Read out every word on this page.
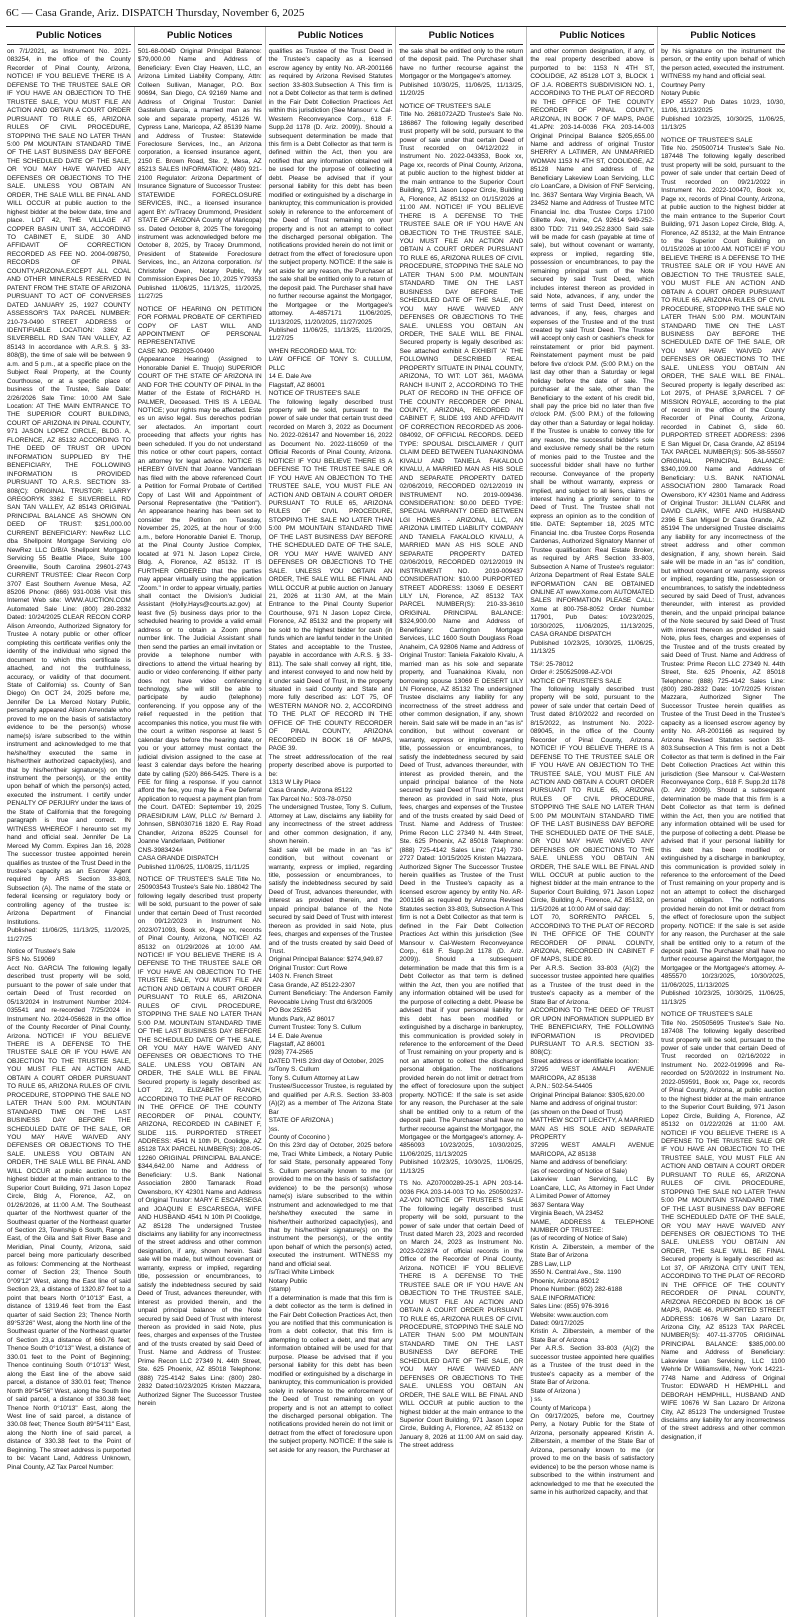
6C — Casa Grande, Ariz. DISPATCH Thursday, November 6, 2025
Public Notices

on 7/1/2021, as Instrument No. 2021-083254, in the office of the County Recorder of Pinal County, Arizona, NOTICE! IF YOU BELIEVE THERE IS A DEFENSE TO THE TRUSTEE SALE OR IF YOU HAVE AN OBJECTION TO THE TRUSTEE SALE, YOU MUST FILE AN ACTION AND OBTAIN A COURT ORDER PURSUANT TO RULE 65, ARIZONA RULES OF CIVIL PROCEDURE, STOPPING THE SALE NO LATER THAN 5:00 PM MOUNTAIN STANDARD TIME OF THE LAST BUSINESS DAY BEFORE THE SCHEDULED DATE OF THE SALE, OR YOU MAY HAVE WAIVED ANY DEFENSES OR OBJECTIONS TO THE SALE. UNLESS YOU OBTAIN AN ORDER, THE SALE WILL BE FINAL AND WILL OCCUR at public auction to the highest bidder at the below date, time and place. LOT 42, THE VILLAGE AT COPPER BASIN UNIT 3A, ACCORDING TO CABINET E, SLIDE 30 AND AFFIDAVIT OF CORRECTION RECORDED AS FEE NO. 2004-098750, RECORDS OF PINAL COUNTY,ARIZONA.EXCEPT ALL COAL AND OTHER MINERALS RESERVED IN PATENT FROM THE STATE OF ARIZONA PURSUANT TO ACT OF CONVERSES DATED JANUARY 25, 1927 COUNTY ASSESSOR'S TAX PARCEL NUMBER: 210-73-0490 STREET ADDRESS or IDENTIFIABLE LOCATION: 3362 E SILVERBELL RD SAN TAN VALLEY, AZ 85143 In accordance with A.R.S. § 33-808(B), the time of sale will be between 9 a.m. and 5 p.m., at a specific place on the Subject Real Property, at the County Courthouse, or at a specific place of business of the Trustee, Sale Date: 2/26/2026 Sale Time: 10:00 AM Sale Location: AT THE MAIN ENTRANCE TO THE SUPERIOR COURT BUILDING, COURT OF ARIZONA IN PINAL COUNTY, 971 JASON LOPEZ CIRCLE, BLDG. A, FLORENCE, AZ 85132 ACCORDING TO THE DEED OF TRUST OR UPON INFORMATION SUPPLIED BY THE BENEFICIARY, THE FOLLOWING INFORMATION IS PROVIDED PURSUANT TO A.R.S. SECTION 33-808(C): ORIGINAL TRUSTOR: LARRY GREGORYK 3362 E SILVERBELL RD SAN TAN VALLEY, AZ 85143 ORIGINAL PRINCIPAL BALANCE AS SHOWN ON DEED OF TRUST: $251,000.00 CURRENT BENEFICIARY: NewRez LLC dba Shellpoint Mortgage Servicing c/o NewRez LLC D/B/A Shellpoint Mortgage Servicing 55 Beattie Place, Suite 100 Greenville, South Carolina 29601-2743 CURRENT TRUSTEE: Clear Recon Corp 3707 East Southern Avenue Mesa, AZ 85206 Phone: (866) 931-0036 Visit this Internet Web site: WWW.AUCTION.COM Automated Sale Line: (800) 280-2832 Dated: 10/24/2025 CLEAR RECON CORP Alison Arreondo, Authorized Signatory for Trustee A notary public or other officer completing this certificate verifies only the identity of the individual who signed the document to which this certificate is attached, and not the truthfulness, accuracy, or validity of that document. State of California) ss. County of San Diego) On OCT 24, 2025 before me, Jennifer De La Merced Notary Public, personally appeared Alison Arrendale who proved to me on the basis of satisfactory evidence to be the person(s) whose name(s) is/are subscribed to the within instrument and acknowledged to me that he/she/they executed the same in his/her/their authorized capacity(ies), and that by his/her/their signature(s) on the instrument the person(s), or the entity upon behalf of which the person(s) acted, executed the instrument. I certify under PENALTY OF PERJURY under the laws of the State of California that the foregoing paragraph is true and correct. IN WITNESS WHEREOF I hereunto set my hand and official seal. Jennifer De La Merced My Comm. Expires Jan 16, 2028 The successor trustee appointed herein qualifies as trustee of the Trust Deed in the trustee's capacity as an Escrow Agent required by ARS Section 33-803, Subsection (A). The name of the state or federal licensing or regulatory body or controlling agency of the trustee is: Arizona Department of Financial Institutions.
Published: 11/06/25, 11/13/25, 11/20/25, 11/27/25

Notice of Trustee's Sale
SFS No. 519069
Acct No. GARCIA The following legally described trust property will be sold, pursuant to the power of sale under that certain Deed of Trust recorded on 05/13/2024 in Instrument Number 2024-035541 and re-recorded 7/25/2024 in Instrument No. 2024-056628 in the office of the County Recorder of Pinal County, Arizona. NOTICE! IF YOU BELIEVE THERE IS A DEFENSE TO THE TRUSTEE SALE OR IF YOU HAVE AN OBJECTION TO THE TRUSTEE SALE, YOU MUST FILE AN ACTION AND OBTAIN A COURT ORDER PURSUANT TO RULE 65, ARIZONA RULES OF CIVIL PROCEDURE, STOPPING THE SALE NO LATER THAN 5:00 P.M. MOUNTAIN STANDARD TIME ON THE LAST BUSINESS DAY BEFORE THE SCHEDULED DATE OF THE SALE, OR YOU MAY HAVE WAIVED ANY DEFENSES OR OBJECTIONS TO THE SALE. UNLESS YOU OBTAIN AN ORDER, THE SALE WILL BE FINAL AND WILL OCCUR at public auction to the highest bidder at the main entrance to the Superior Court Building, 971 Jason Lopez Circle, Bldg A, Florence, AZ, on 01/26/2026, at 11:00 A.M. The Southeast quarter of the Northwest quarter of the Southeast quarter of the Northeast quarter of Section 23, Township 6 South, Range 2 East, of the Gila and Salt River Base and Meridian, Pinal County, Arizona, said parcel being more particularly described as follows: Commencing at the Northeast corner of Section 23; Thence South 0°09'12" West, along the East line of said Section 23, a distance of 1320.87 feet to a point that bears North 0°10'13" East, a distance of 1319.46 feet from the East quarter of said Section 23; Thence North 89°53'26" West, along the North line of the Southeast quarter of the Northeast quarter of Section 23,a distance of 660.76 feet; Thence South 0°10'13" West, a distance of 330.01 feet to the Point of Beginning; Thence continuing South 0°10'13" West, along the East line of the above said parcel, a distance of 330.01 feet; Thence North 89°54'56" West, along the South line of said parcel, a distance of 330.38 feet; Thence North 0°10'13" East, along the West line of said parcel, a distance of 330.08 feet; Thence South 89°54'11" East, along the North line of said parcel, a distance of 330.38 feet to the Point of Beginning. The street address is purported to be: Vacant Land, Address Unknown, Pinal County, AZ Tax Parcel Number:

Public Notices

501-68-004D Original Principal Balance: $79,000.00 Name and Address of Beneficiary: Even Clay Heaven, LLC, an Arizona Limited Liability Company, Attn: Colleen Sullivan, Manager, P.O. Box 90694, San Diego, CA 92169 Name and Address of Original Trustor: Daniel Gastelum Garcia, a married man as his sole and separate property, 45126 W. Cypress Lane, Maricopa, AZ 85139 Name and Address of Trustee: Statewide Foreclosure Services, Inc., an Arizona corporation, a licensed insurance agent, 2150 E. Brown Road, Ste. 2, Mesa, AZ 85213 SALES INFORMATION: (480) 921-2100 Regulator: Arizona Department of Insurance Signature of Successor Trustee: STATEWIDE FORECLOSURE SERVICES, INC., a licensed insurance agent BY: /s/Tracey Drummond, President STATE OF ARIZONA County of Maricopa) ss. Dated October 8, 2025 The foregoing instrument was acknowledged before me October 8, 2025, by Tracey Drummond, President of Statewide Foreclosure Services, Inc., an Arizona corporation. /s/ Christofer Owen, Notary Public, My Commission Expires Dec 10, 2025 Y79353
Published 11/06/25, 11/13/25, 11/20/25, 11/27/25

NOTICE OF HEARING ON PETITION FOR FORMAL PROBATE OF CERTIFIED COPY OF LAST WILL AND APPOINTMENT OF PERSONAL REPRESENTATIVE
CASE NO. PB2025-00490
(Appearance Hearing) (Assigned to Honorable Daniel E. Thuojo) SUPERIOR COURT OF THE STATE OF ARIZONA IN AND FOR THE COUNTY OF PINAL In the Matter of the Estate of RICHARD H. PALMER, Deceased. THIS IS A LEGAL NOTICE; your rights may be affected. Este es un aviso legal. Sus derechos podrían ser afectados. An important court proceeding that affects your rights has been scheduled. If you do not understand this notice or other court papers, contact an attorney for legal advice. NOTICE IS HEREBY GIVEN that Joanne Vanderlaan has filed with the above referenced Court a Petition for Formal Probate of Certified Copy of Last Will and Appointment of Personal Representative (the "Petition"). An appearance hearing has been set to consider the Petition on Tuesday, November 25, 2025, at the hour of 9:00 a.m., before Honorable Daniel E. Thorup, at the Pinal County Justice Complex, located at 971 N. Jason Lopez Circle, Bldg. A, Florence, AZ 85132. IT IS FURTHER ORDERED that the parties may appear virtually using the application "Zoom." In order to appear virtually, parties shall contact the Division's Judicial Assistant (Holly.Hays@courts.az.gov) at least five (5) business days prior to the scheduled hearing to provide a valid email address or to obtain a Zoom phone number link. The Judicial Assistant shall then send the parties an email invitation or provide a telephone number with directions to attend the virtual hearing by audio or video conferencing. If either party does not have video conferencing technology, s/he will still be able to participate by audio (telephone) conferencing. If you oppose any of the relief requested in the petition that accompanies this notice, you must file with the court a written response at least 5 calendar days before the hearing date, or you or your attorney must contact the judicial division assigned to the case at least 3 calendar days before the hearing date by calling (520) 866-5425. There is a FEE for filing a response. If you cannot afford the fee, you may file a Fee Deferral Application to request a payment plan from the Court. DATED: September 19, 2025 PRAESIDIUM LAW, PLLC /s/ Bernard J. Johnsen, SBN030716 1820 E. Ray Road Chandler, Arizona 85225 Counsel for Joanne Vanderlaan, Petitioner
CNS-3983424#
CASA GRANDE DISPATCH
Published 11/06/25, 11/08/25, 11/11/25

NOTICE OF TRUSTEE'S SALE Title No. 250903543 Trustee's Sale No. 188042 The following legally described trust property will be sold, pursuant to the power of sale under that certain Deed of Trust recorded on 09/12/2023 in Instrument No. 2023/071093, Book xx, Page xx, records of Pinal County, Arizona, NOTICE! AZ 85132 on 01/29/2026 at 10:00 AM. NOTICE! IF YOU BELIEVE THERE IS A DEFENSE TO THE TRUSTEE SALE OR IF YOU HAVE AN OBJECTION TO THE TRUSTEE SALE, YOU MUST FILE AN ACTION AND OBTAIN A COURT ORDER PURSUANT TO RULE 65, ARIZONA RULES OF CIVIL PROCEDURE, STOPPING THE SALE NO LATER THAN 5:00 P.M. MOUNTAIN STANDARD TIME OF THE LAST BUSINESS DAY BEFORE THE SCHEDULED DATE OF THE SALE, OR YOU MAY HAVE WAIVED ANY DEFENSES OR OBJECTIONS TO THE SALE. UNLESS YOU OBTAIN AN ORDER, THE SALE WILL BE FINAL Secured property is legally described as: LOT 22, ELIZABETH RANCH, ACCORDING TO THE PLAT OF RECORD IN THE OFFICE OF THE COUNTY RECORDER OF PINAL COUNTY, ARIZONA, RECORDED IN CABINET F, SLIDE 115. PURPORTED STREET ADDRESS: 4541 N 10th Pl, Coolidge, AZ 85128 TAX PARCEL NUMBER(S): 208-05-12260 ORIGINAL PRINCIPAL BALANCE: $344,642.00 Name and Address of Beneficiary: U.S. Bank National Association 2800 Tamarack Road Owensboro, KY 42301 Name and Address of Original Trustor: MARY E ESCARSEGA and JOAQUIN E ESCARSEGA, WIFE AND HUSBAND 4541 N 10th Pl Coolidge, AZ 85128 The undersigned Trustee disclaims any liability for any incorrectness of the street address and other common designation, if any, shown herein. Said sale will be made, but without covenant or warranty, express or implied, regarding title, possession or encumbrances, to satisfy the indebtedness secured by said Deed of Trust, advances thereunder, with interest as provided therein, and the unpaid principal balance of the Note secured by said Deed of Trust with interest thereon as provided in said Note, plus fees, charges and expenses of the Trustee and of the trusts created by said Deed of Trust. Name and Address of Trustee: Prime Recon LLC 27349 N. 44th Street, Ste. 625 Phoenix, AZ 85018 Telephone: (888) 725-4142 Sales Line: (800) 280-2832 Dated:10/23/2025 Kristen Mazzara, Authorized Signer The Successor Trustee herein

Public Notices

qualifies as Trustee of the Trust Deed in the Trustee's capacity as a licensed escrow agency by entity No. AR-2001166 as required by Arizona Revised Statutes section 33-803.Subsection A This firm is not a Debt Collector as that term is defined in the Fair Debt Collection Practices Act within this jurisdiction (See Mansour v. Cal-Western Reconveyance Corp., 618 F. Supp.2d 1178 (D. Ariz. 2009)). Should a subsequent determination be made that this firm is a Debt Collector as that term is defined within the Act, then you are notified that any information obtained will be used for the purpose of collecting a debt. Please be advised that if your personal liability for this debt has been modified or extinguished by a discharge in bankruptcy, this communication is provided solely in reference to the enforcement of the Deed of Trust remaining on your property and is not an attempt to collect the discharged personal obligation. The notifications provided herein do not limit or detract from the effect of foreclosure upon the subject property. NOTICE: If the sale is set aside for any reason, the Purchaser at the sale shall be entitled only to a return of the deposit paid. The Purchaser shall have no further recourse against the Mortgagor, the Mortgagee or the Mortgagee's attorney. A-4857171 11/06/2025, 11/13/2025, 11/20/2025, 11/27/2025
Published 11/06/25, 11/13/25, 11/20/25, 11/27/25

WHEN RECORDED MAIL TO:
LAW OFFICE OF TONY S. CULLUM, PLLC
14 E. Dale Ave
Flagstaff, AZ 86001
NOTICE OF TRUSTEE'S SALE
The following legally described trust property will be sold, pursuant to the power of sale under that certain trust deed recorded on March 3, 2022 as Document No. 2022-026147 and November 16, 2022 as Document No. 2022-116059 of the Official Records of Pinal County, Arizona. NOTICE! IF YOU BELIEVE THERE IS A DEFENSE TO THE TRUSTEE SALE OR IF YOU HAVE AN OBJECTION TO THE TRUSTEE SALE, YOU MUST FILE AN ACTION AND OBTAIN A COURT ORDER PURSUANT TO RULE 65, ARIZONA RULES OF CIVIL PROCEDURE, STOPPING THE SALE NO LATER THAN 5:00 PM MOUNTAIN STANDARD TIME OF THE LAST BUSINESS DAY BEFORE THE SCHEDULED DATE OF THE SALE, OR YOU MAY HAVE WAIVED ANY DEFENSES OR OBJECTIONS TO THE SALE. UNLESS YOU OBTAIN AN ORDER, THE SALE WILL BE FINAL AND WILL OCCUR at public auction on January 21, 2026 at 11:30 AM, at the Main Entrance to the Pinal County Superior Courthouse, 971 N Jason Lopez Circle, Florence, AZ 85132 and the property will be sold to the highest bidder for cash (in funds which are lawful tender in the United States and acceptable to the Trustee, payable in accordance with A.R.S. § 33-811). The sale shall convey all right, title, and interest conveyed to and now held by it under said Deed of Trust, in the property situated in said County and State and more fully described as: LOT 75, OF WESTERN MANOR NO. 2, ACCORDING TO THE PLAT OF RECORD IN THE OFFICE OF THE COUNTY RECORDER OF PINAL COUNTY, ARIZONA RECORDED IN BOOK 16 OF MAPS, PAGE 39.
The street address/location of the real property described above is purported to be:
1313 W Lily Place
Casa Grande, Arizona 85122
Tax Parcel No.: 503-78-0750
The undersigned Trustee, Tony S. Cullum, Attorney at Law, disclaims any liability for any incorrectness of the street address and other common designation, if any, shown herein.
Said sale will be made in an "as is" condition, but without covenant or warranty, express or implied, regarding title, possession or encumbrances, to satisfy the indebtedness secured by said Deed of Trust, advances thereunder, with interest as provided therein, and the unpaid principal balance of the Note secured by said Deed of Trust with interest thereon as provided in said Note, plus fees, charges and expenses of the Trustee and of the trusts created by said Deed of Trust.
Original Principal Balance: $274,949.87
Original Trustor: Curt Rowe
1403 N. French Street
Casa Grande, AZ 85122-2307
Current Beneficiary: The Anderson Family Revocable Living Trust dtd 6/3/2005
PO Box 25265
Munds Park, AZ 86017
Current Trustee: Tony S. Cullum
14 E. Dale Avenue
Flagstaff, AZ 86001
(928) 774-2565
DATED THIS 23rd day of October, 2025
/s/Tony S. Cullum
Tony S. Cullum Attorney at Law
Trustee/Successor Trustee, is regulated by and qualified per A.R.S. Section 33-803 (A)(2) as a member of The Arizona State Bar
STATE OF ARIZONA )
)ss.
County of Coconino )
On this 23rd day of October, 2025 before me, Traci White Limbeck, a Notary Public for said State, personally appeared Tony S. Cullum personally known to me (or provided to me on the basis of satisfactory evidence) to be the person(s) whose name(s) is/are subscribed to the within instrument and acknowledged to me that he/she/they executed the same in his/her/their authorized capacity(ies), and that by his/her/their signature(s) on the instrument the person(s), or the entity upon behalf of which the person(s) acted, executed the instrument. WITNESS my hand and official seal.
/s/Traci White Limbeck
Notary Public
(stamp)
If a determination is made that this firm is a debt collector as the term is defined in the Fair Debt Collection Practices Act, then you are notified that this communication is from a debt collector, that this firm is attempting to collect a debt, and that any information obtained will be used for that purpose. Please be advised that if you personal liability for this debt has been modified or extinguished by a discharge in bankruptcy, this communication is provided solely in reference to the enforcement of the Deed of Trust remaining on your property and is not an attempt to collect the discharged personal obligation. The notifications provided herein do not limit or detract from the effect of foreclosure upon the subject property. NOTICE: If the sale is set aside for any reason, the Purchaser at

Public Notices

the sale shall be entitled only to the return of the deposit paid. The Purchaser shall have no further recourse against the Mortgagor or the Mortgagee's attorney.
Published 10/30/25, 11/06/25, 11/13/25, 11/20/25

NOTICE OF TRUSTEE'S SALE
Title No. 2681072AZD Trustee's Sale No. 186867 The following legally described trust property will be sold, pursuant to the power of sale under that certain Deed of Trust recorded on 04/12/2022 in Instrument No. 2022-043353, Book xx, Page xx, records of Pinal County, Arizona, at public auction to the highest bidder at the main entrance to the Superior Court Building, 971 Jason Lopez Circle, Building A, Florence, AZ 85132 on 01/15/2026 at 11:00 AM. NOTICE! IF YOU BELIEVE THERE IS A DEFENSE TO THE TRUSTEE SALE OR IF YOU HAVE AN OBJECTION TO THE TRUSTEE SALE, YOU MUST FILE AN ACTION AND OBTAIN A COURT ORDER PURSUANT TO RULE 65, ARIZONA RULES OF CIVIL PROCEDURE, STOPPING THE SALE NO LATER THAN 5:00 P.M. MOUNTAIN STANDARD TIME ON THE LAST BUSINESS DAY BEFORE THE SCHEDULED DATE OF THE SALE, OR YOU MAY HAVE WAIVED ANY DEFENSES OR OBJECTIONS TO THE SALE. UNLESS YOU OBTAIN AN ORDER, THE SALE WILL BE FINAL Secured property is legally described as: See attached exhibit A EXHIBIT 'A' THE FOLLOWING DESCRIBED REAL PROPERTY SITUATE IN PINAL COUNTY, ARIZONA, TO WIT: LOT 361, MAGMA RANCH II-UNIT 2, ACCORDING TO THE PLAT OF RECORD IN THE OFFICE OF THE COUNTY RECORDER OF PINAL COUNTY, ARIZONA, RECORDED IN CABINET F, SLIDE 193 AND AFFIDAVIT OF CORRECTION RECORDED AS 2006-084092, OF OFFICIAL RECORDS. DEED TYPE: SPOUSAL DISCLAIMER / QUIT CLAIM DEED BETWEEN TUANAKINOMA KIVALU AND TANIELA FAKALOLO KIVALU, A MARRIED MAN AS HIS SOLE AND SEPARATE PROPERTY DATED 02/06/2019, RECORDED 02/12/2019 IN INSTRUMENT NO. 2019-009436. CONSIDERATION: $0.00 DEED TYPE: SPECIAL WARRANTY DEED BETWEEN LGI HOMES - ARIZONA, LLC, AN ARIZONA LIMITED LIABILITY COMPANY AND TANIELA FAKALOLO KIVALU, A MARRIED MAN AS HIS SOLE AND SEPARATE PROPERTY DATED 02/06/2019, RECORDED 02/12/2019 IN INSTRUMENT NO. 2019-009437 CONSIDERATION: $10.00 PURPORTED STREET ADDRESS: 13069 E DESERT LILY LN, Florence, AZ 85132 TAX PARCEL NUMBER(S): 210-33-3610 ORIGINAL PRINCIPAL BALANCE: $324,900.00 Name and Address of Beneficiary: Carrington Mortgage Services, LLC 1600 South Douglass Road Anaheim, CA 92806 Name and Address of Original Trustor: Taniela Fakalolo Kivalu, A married man as his sole and separate property, and Tuanakinoa Kivalu, non borrowing spouse 13069 E DESERT LILY LN Florence, AZ 85132 The undersigned Trustee disclaims any liability for any incorrectness of the street address and other common designation, if any, shown herein. Said sale will be made in an "as is" condition, but without covenant or warranty, express or implied, regarding title, possession or encumbrances, to satisfy the indebtedness secured by said Deed of Trust, advances thereunder, with interest as provided therein, and the unpaid principal balance of the Note secured by said Deed of Trust with interest thereon as provided in said Note, plus fees, charges and expenses of the Trustee and of the trusts created by said Deed of Trust. Name and Address of Trustee: Prime Recon LLC 27349 N. 44th Street, Ste. 625 Phoenix, AZ 85018 Telephone: (888) 725-4142 Sales Line: (714) 730-2727 Dated: 10/15/2025 Kristen Mazzara, Authorized Signer The Successor Trustee herein qualifies as Trustee of the Trust Deed in the Trustee's capacity as a licensed escrow agency by entity No. AR-2001166 as required by Arizona Revised Statutes section 33-803, Subsection A This firm is not a Debt Collector as that term is defined in the Fair Debt Collection Practices Act within this jurisdiction (See Mansour v. Cal-Western Reconveyance Corp., 618 F. Supp.2d 1178 (D. Ariz. 2009)). Should a subsequent determination be made that this firm is a Debt Collector as that term is defined within the Act, then you are notified that any information obtained will be used for the purpose of collecting a debt. Please be advised that if your personal liability for this debt has been modified or extinguished by a discharge in bankruptcy, this communication is provided solely in reference to the enforcement of the Deed of Trust remaining on your property and is not an attempt to collect the discharged personal obligation. The notifications provided herein do not limit or detract from the effect of foreclosure upon the subject property. NOTICE: If the sale is set aside for any reason, the Purchaser at the sale shall be entitled only to a return of the deposit paid. The Purchaser shall have no further recourse against the Mortgagor, the Mortgagee or the Mortgagee's attorney. A-4856093 10/23/2025, 10/30/2025, 11/06/2025, 11/13/2025
Published 10/23/25, 10/30/25, 11/06/25, 11/13/25

TS No. AZ07000289-25-1 APN 203-14-0036 FKA 203-14-003 TO No. 250500237-AZ-VOI NOTICE OF TRUSTEE'S SALE The following legally described trust property will be sold, pursuant to the power of sale under that certain Deed of Trust dated March 23, 2023 and recorded on March 24, 2023 as Instrument No. 2023-022874 of official records in the Office of the Recorder of Pinal County, Arizona. NOTICE! IF YOU BELIEVE THERE IS A DEFENSE TO THE TRUSTEE SALE OR IF YOU HAVE AN OBJECTION TO THE TRUSTEE SALE, YOU MUST FILE AN ACTION AND OBTAIN A COURT ORDER PURSUANT TO RULE 65, ARIZONA RULES OF CIVIL PROCEDURE, STOPPING THE SALE NO LATER THAN 5:00 PM MOUNTAIN STANDARD TIME ON THE LAST BUSINESS DAY BEFORE THE SCHEDULED DATE OF THE SALE, OR YOU MAY HAVE WAIVED ANY DEFENSES OR OBJECTIONS TO THE SALE. UNLESS YOU OBTAIN AN ORDER, THE SALE WILL BE FINAL AND WILL OCCUR at public auction to the highest bidder at the main entrance to the Superior Court Building, 971 Jason Lopez Circle, Building A, Florence, AZ 85132 on January 8, 2026 at 11:00 AM on said day. The street address

Public Notices

and other common designation, if any, of the real property described above is purported to be: 1153 N 4TH ST, COOLIDGE, AZ 85128 LOT 3, BLOCK 1 OF J.A. ROBERTS SUBDIVISION NO. 1, ACCORDING TO THE PLAT OF RECORD IN THE OFFICE OF THE COUNTY RECORDER OF PINAL COUNTY, ARIZONA, IN BOOK 7 OF MAPS, PAGE 41.APN: 203-14-0036 FKA 203-14-003 Original Principal Balance $205,655.00 Name and address of original Trustor SHERRY A LATIMER, AN UNMARRIED WOMAN 1153 N 4TH ST, COOLIDGE, AZ 85128 Name and address of the Beneficiary Lakeview Loan Servicing, LLC c/o LoanCare, a Division of FNF Servicing, Inc. 3637 Sentara Way Virginia Beach, VA 23452 Name and Address of Trustee MTC Financial Inc. dba Trustee Corps 17100 Gillette Ave, Irvine, CA 92614 949-252-8300 TDD: 711 949.252.8300 Said sale will be made for cash (payable at time of sale), but without covenant or warranty, express or implied, regarding title, possession or encumbrances, to pay the remaining principal sum of the Note secured by said Trust Deed, which includes interest thereon as provided in said Note, advances, if any, under the terms of said Trust Deed, interest on advances, if any, fees, charges and expenses of the Trustee and of the trust created by said Trust Deed. The Trustee will accept only cash or cashier's check for reinstatement or prior bid payment. Reinstatement payment must be paid before five o'clock P.M. (5:00 P.M.) on the last day other than a Saturday or legal holiday before the date of sale. The purchaser at the sale, other than the Beneficiary to the extent of his credit bid, shall pay the price bid no later than five o'clock P.M. (5:00 P.M.) of the following day other than a Saturday or legal holiday. If the Trustee is unable to convey title for any reason, the successful bidder's sole and exclusive remedy shall be the return of monies paid to the Trustee and the successful bidder shall have no further recourse. Conveyance of the property shall be without warranty, express or implied, and subject to all liens, claims or interest having a priority senior to the Deed of Trust. The Trustee shall not express an opinion as to the condition of title. DATE: September 18, 2025 MTC Financial Inc. dba Trustee Corps Rosenda Cardenas, Authorized Signatory Manner of Trustee qualification: Real Estate Broker, as required by ARS Section 33-803, Subsection A Name of Trustee's regulator: Arizona Department of Real Estate SALE INFORMATION CAN BE OBTAINED ONLINE AT www.Xome.com AUTOMATED SALES INFORMATION PLEASE CALL: Xome at 800-758-8052 Order Number 117901, Pub Dates: 10/23/2025, 10/30/2025, 11/06/2025, 11/13/2025, CASA GRANDE DISPATCH
Published 10/23/25, 10/30/25, 11/06/25, 11/13/25

TS#: 25-78012
Order #: 250525098-AZ-VOI
NOTICE OF TRUSTEE'S SALE
The following legally described trust property will be sold, pursuant to the power of sale under that certain Deed of Trust dated 8/10/2022 and recorded on 8/15/2022, as Instrument No. 2022-089045, in the office of the County Recorder of Pinal County, Arizona. NOTICE! IF YOU BELIEVE THERE IS A DEFENSE TO THE TRUSTEE SALE OR IF YOU HAVE AN OBJECTION TO THE TRUSTEE SALE, YOU MUST FILE AN ACTION AND OBTAIN A COURT ORDER PURSUANT TO RULE 65, ARIZONA RULES OF CIVIL PROCEDURE, STOPPING THE SALE NO LATER THAN 5:00 PM MOUNTAIN STANDARD TIME OF THE LAST BUSINESS DAY BEFORE THE SCHEDULED DATE OF THE SALE, OR YOU MAY HAVE WAIVED ANY DEFENSES OR OBJECTIONS TO THE SALE. UNLESS YOU OBTAIN AN ORDER, THE SALE WILL BE FINAL AND WILL OCCUR at public auction to the highest bidder at the main entrance to the Superior Court Building, 971 Jason Lopez Circle, Building A, Florence, AZ 85132, on 11/5/2026 at 10:00 AM of said day:
LOT 70, SORRENTO PARCEL 5, ACCORDING TO THE PLAT OF RECORD IN THE OFFICE OF THE COUNTY RECORDER OF PINAL COUNTY, ARIZONA, RECORDED IN CABINET F OF MAPS, SLIDE 89.
Per A.R.S. Section 33-803 (A)(2) the successor trustee appointed here qualifies as a Trustee of the trust deed in the trustee's capacity as a member of the State Bar of Arizona.
ACCORDING TO THE DEED OF TRUST OR UPON INFORMATION SUPPLIED BY THE BENEFICIARY, THE FOLLOWING INFORMATION IS PROVIDED PURSUANT TO A.R.S. SECTION 33-808(C):
Street address or identifiable location:
37295 WEST AMALFI AVENUE MARICOPA, AZ 85138
A.P.N.: 502-54-54405
Original Principal Balance: $305,620.00
Name and address of original trustor:
(as shown on the Deed of Trust)
MATTHEW SCOTT LIECHTY, A MARRIED MAN AS HIS SOLE AND SEPARATE PROPERTY
37295 WEST AMALFI AVENUE MARICOPA, AZ 85138
Name and address of beneficiary:
(as of recording of Notice of Sale)
Lakeview Loan Servicing, LLC By LoanCare, LLC, As Attorney in Fact Under A Limited Power of Attorney
3637 Sentara Way
Virginia Beach, VA 23452
NAME, ADDRESS & TELEPHONE NUMBER OF TRUSTEE:
(as of recording of Notice of Sale)
Kristin A. Zilberstein, a member of the State Bar of Arizona
ZBS Law, LLP
3550 N. Central Ave., Ste. 1190
Phoenix, Arizona 85012
Phone Number: (602) 282-6188
SALE INFORMATION:
Sales Line: (855) 976-3916
Website: www.auction.com
Dated: 09/17/2025
Kristin A. Zilberstein, a member of the State Bar of Arizona
Per A.R.S. Section 33-803 (A)(2) the successor trustee appointed here qualifies as a Trustee of the trust deed in the trustee's capacity as a member of the State Bar of Arizona.
State of Arizona )
) ss.
County of Maricopa )
On 09/17/2025, before me, Courtney Perry, a Notary Public for the State of Arizona, personally appeared Kristin A. Zilberstein, a member of the State Bar of Arizona, personally known to me (or proved to me on the basis of satisfactory evidence) to be the person whose name is subscribed to the within instrument and acknowledged to me that he executed the same in his authorized capacity, and that

Public Notices

by his signature on the instrument the person, or the entity upon behalf of which the person acted, executed the instrument.
WITNESS my hand and official seal.
Courtney Perry
Notary Public
EPP 45527 Pub Dates 10/23, 10/30, 11/06, 11/13/2025
Published 10/23/25, 10/30/25, 11/06/25, 11/13/25

NOTICE OF TRUSTEE'S SALE
Title No. 250500714 Trustee's Sale No. 187448 The following legally described trust property will be sold, pursuant to the power of sale under that certain Deed of Trust recorded on 09/21/2022 in Instrument No. 2022-100470, Book xx, Page xx, records of Pinal County, Arizona, at public auction to the highest bidder at the main entrance to the Superior Court Building, 971 Jason Lopez Circle, Bldg. A, Florence, AZ 85132, at the Main Entrance to the Superior Court Building on 01/15/2026 at 10:00 AM. NOTICE! IF YOU BELIEVE THERE IS A DEFENSE TO THE TRUSTEE SALE OR IF YOU HAVE AN OBJECTION TO THE TRUSTEE SALE, YOU MUST FILE AN ACTION AND OBTAIN A COURT ORDER PURSUANT TO RULE 65, ARIZONA RULES OF CIVIL PROCEDURE, STOPPING THE SALE NO LATER THAN 5:00 P.M. MOUNTAIN STANDARD TIME ON THE LAST BUSINESS DAY BEFORE THE SCHEDULED DATE OF THE SALE, OR YOU MAY HAVE WAIVED ANY DEFENSES OR OBJECTIONS TO THE SALE. UNLESS YOU OBTAIN AN ORDER, THE SALE WILL BE FINAL. Secured property is legally described as: Lot 2975, of PHASE 3,PARCEL 7 OF MISSION ROYALE, according to the plat of record in the office of the County Recorder of Pinal County, Arizona, recorded in Cabinet G, slide 60. PURPORTED STREET ADDRESS: 2396 E San Miguel Dr, Casa Grande, AZ 85194 TAX PARCEL NUMBER(S): 505-38-55507 ORIGINAL PRINCIPAL BALANCE: $340,109.00 Name and Address of Beneficiary: U.S. BANK NATIONAL ASSOCIATION 2800 Tamarack Road Owensboro, KY 42301 Name and Address of Original Trustor: JILLIAN CLARK and DAVID CLARK, WIFE AND HUSBAND 2396 E San Miguel Dr Casa Grande, AZ 85194 The undersigned Trustee disclaims any liability for any incorrectness of the street address and other common designation, if any, shown herein. Said sale will be made in an "as is" condition, but without covenant or warranty, express or implied, regarding title, possession or encumbrances, to satisfy the indebtedness secured by said Deed of Trust, advances thereunder, with interest as provided therein, and the unpaid principal balance of the Note secured by said Deed of Trust with interest thereon as provided in said Note, plus fees, charges and expenses of the Trustee and of the trusts created by said Deed of Trust. Name and Address of Trustee: Prime Recon LLC 27349 N. 44th Street, Ste. 625 Phoenix, AZ 85018 Telephone: (888) 725-4142 Sales Line: (800) 280-2832 Date: 10/7/2025 Kristen Mazzara, Authorized Signer The Successor Trustee herein qualifies as Trustee of the Trust Deed in the Trustee's capacity as a licensed escrow agency by entity No. AR-2001166 as required by Arizona Revised Statutes section 33-803.Subsection A This firm is not a Debt Collector as that term is defined in the Fair Debt Collection Practices Act within this jurisdiction (See Mansour v. Cal-Western Reconveyance Corp., 618 F. Supp.2d 1178 (D. Ariz 2009)). Should a subsequent determination be made that this firm is a Debt Collector as that term is defined within the Act, then you are notified that any information obtained will be used for the purpose of collecting a debt. Please be advised that if your personal liability for this debt has been modified or extinguished by a discharge in bankruptcy, this communication is provided solely in reference to the enforcement of the Deed of Trust remaining on your property and is not an attempt to collect the discharged personal obligation. The notifications provided herein do not limit or detract from the effect of foreclosure upon the subject property. NOTICE: If the sale is set aside for any reason, the Purchaser at the sale shall be entitled only to a return of the deposit paid. The Purchaser shall have no further recourse against the Mortgagor, the Mortgagee or the Mortgagee's attorney. A-4855570 10/23/2025, 10/30/2025, 11/06/2025, 11/13/2025
Published 10/23/25, 10/30/25, 11/06/25, 11/13/25

NOTICE OF TRUSTEE'S SALE
Title No. 250505695 Trustee's Sale No. 187408 The following legally described trust property will be sold, pursuant to the power of sale under that certain Deed of Trust recorded on 02/16/2022 in Instrument No. 2022-019996 and Re-recorded on 5/20/2022 in Instrument No. 2022-059591, Book xx, Page xx, records of Pinal County, Arizona, at public auction to the highest bidder at the main entrance to the Superior Court Building, 971 Jason Lopez Circle, Building A, Florence, AZ 85132 on 01/22/2026 at 11:00 AM. NOTICE! IF YOU BELIEVE THERE IS A DEFENSE TO THE TRUSTEE SALE OR IF YOU HAVE AN OBJECTION TO THE TRUSTEE SALE, YOU MUST FILE AN ACTION AND OBTAIN A COURT ORDER PURSUANT TO RULE 65, ARIZONA RULES OF CIVIL PROCEDURE, STOPPING THE SALE NO LATER THAN 5:00 PM MOUNTAIN STANDARD TIME OF THE LAST BUSINESS DAY BEFORE THE SCHEDULED DATE OF THE SALE, OR YOU MAY HAVE WAIVED ANY DEFENSES OR OBJECTIONS TO THE SALE. UNLESS YOU OBTAIN AN ORDER, THE SALE WILL BE FINAL Secured property is legally described as: Lot 37, OF ARIZONA CITY UNIT TEN, ACCORDING TO THE PLAT OF RECORD IN THE OFFICE OF THE COUNTY RECORDER OF PINAL COUNTY, ARIZONA RECORDED IN BOOK 16 OF MAPS, PAGE 46. PURPORTED STREET ADDRESS: 10676 W San Lazaro Dr, Arizona City, AZ 85123 TAX PARCEL NUMBER(S): 407-11-37705 ORIGINAL PRINCIPAL BALANCE: $385,000.00 Name and Address of Beneficiary: Lakeview Loan Servicing, LLC 1100 Wehrle Dr Williamsville, New York 14221-7748 Name and Address of Original Trustor: EDWARD H HEMPHILL and DEBORAH HEMPHILL, HUSBAND AND WIFE 10676 W San Lazaro Dr Arizona City, AZ 85123 The undersigned Trustee disclaims any liability for any incorrectness of the street address and other common designation, if
